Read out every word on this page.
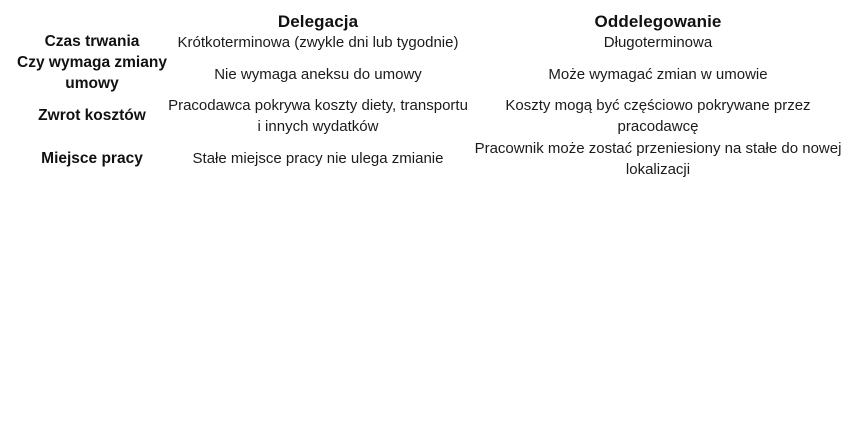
	Delegacja	Oddelegowanie
Czas trwania	Krótkoterminowa (zwykle dni lub tygodnie)	Długoterminowa
Czy wymaga zmiany umowy	Nie wymaga aneksu do umowy	Może wymagać zmian w umowie
Zwrot kosztów	Pracodawca pokrywa koszty diety, transportu i innych wydatków	Koszty mogą być częściowo pokrywane przez pracodawcę
Miejsce pracy	Stałe miejsce pracy nie ulega zmianie	Pracownik może zostać przeniesiony na stałe do nowej lokalizacji
